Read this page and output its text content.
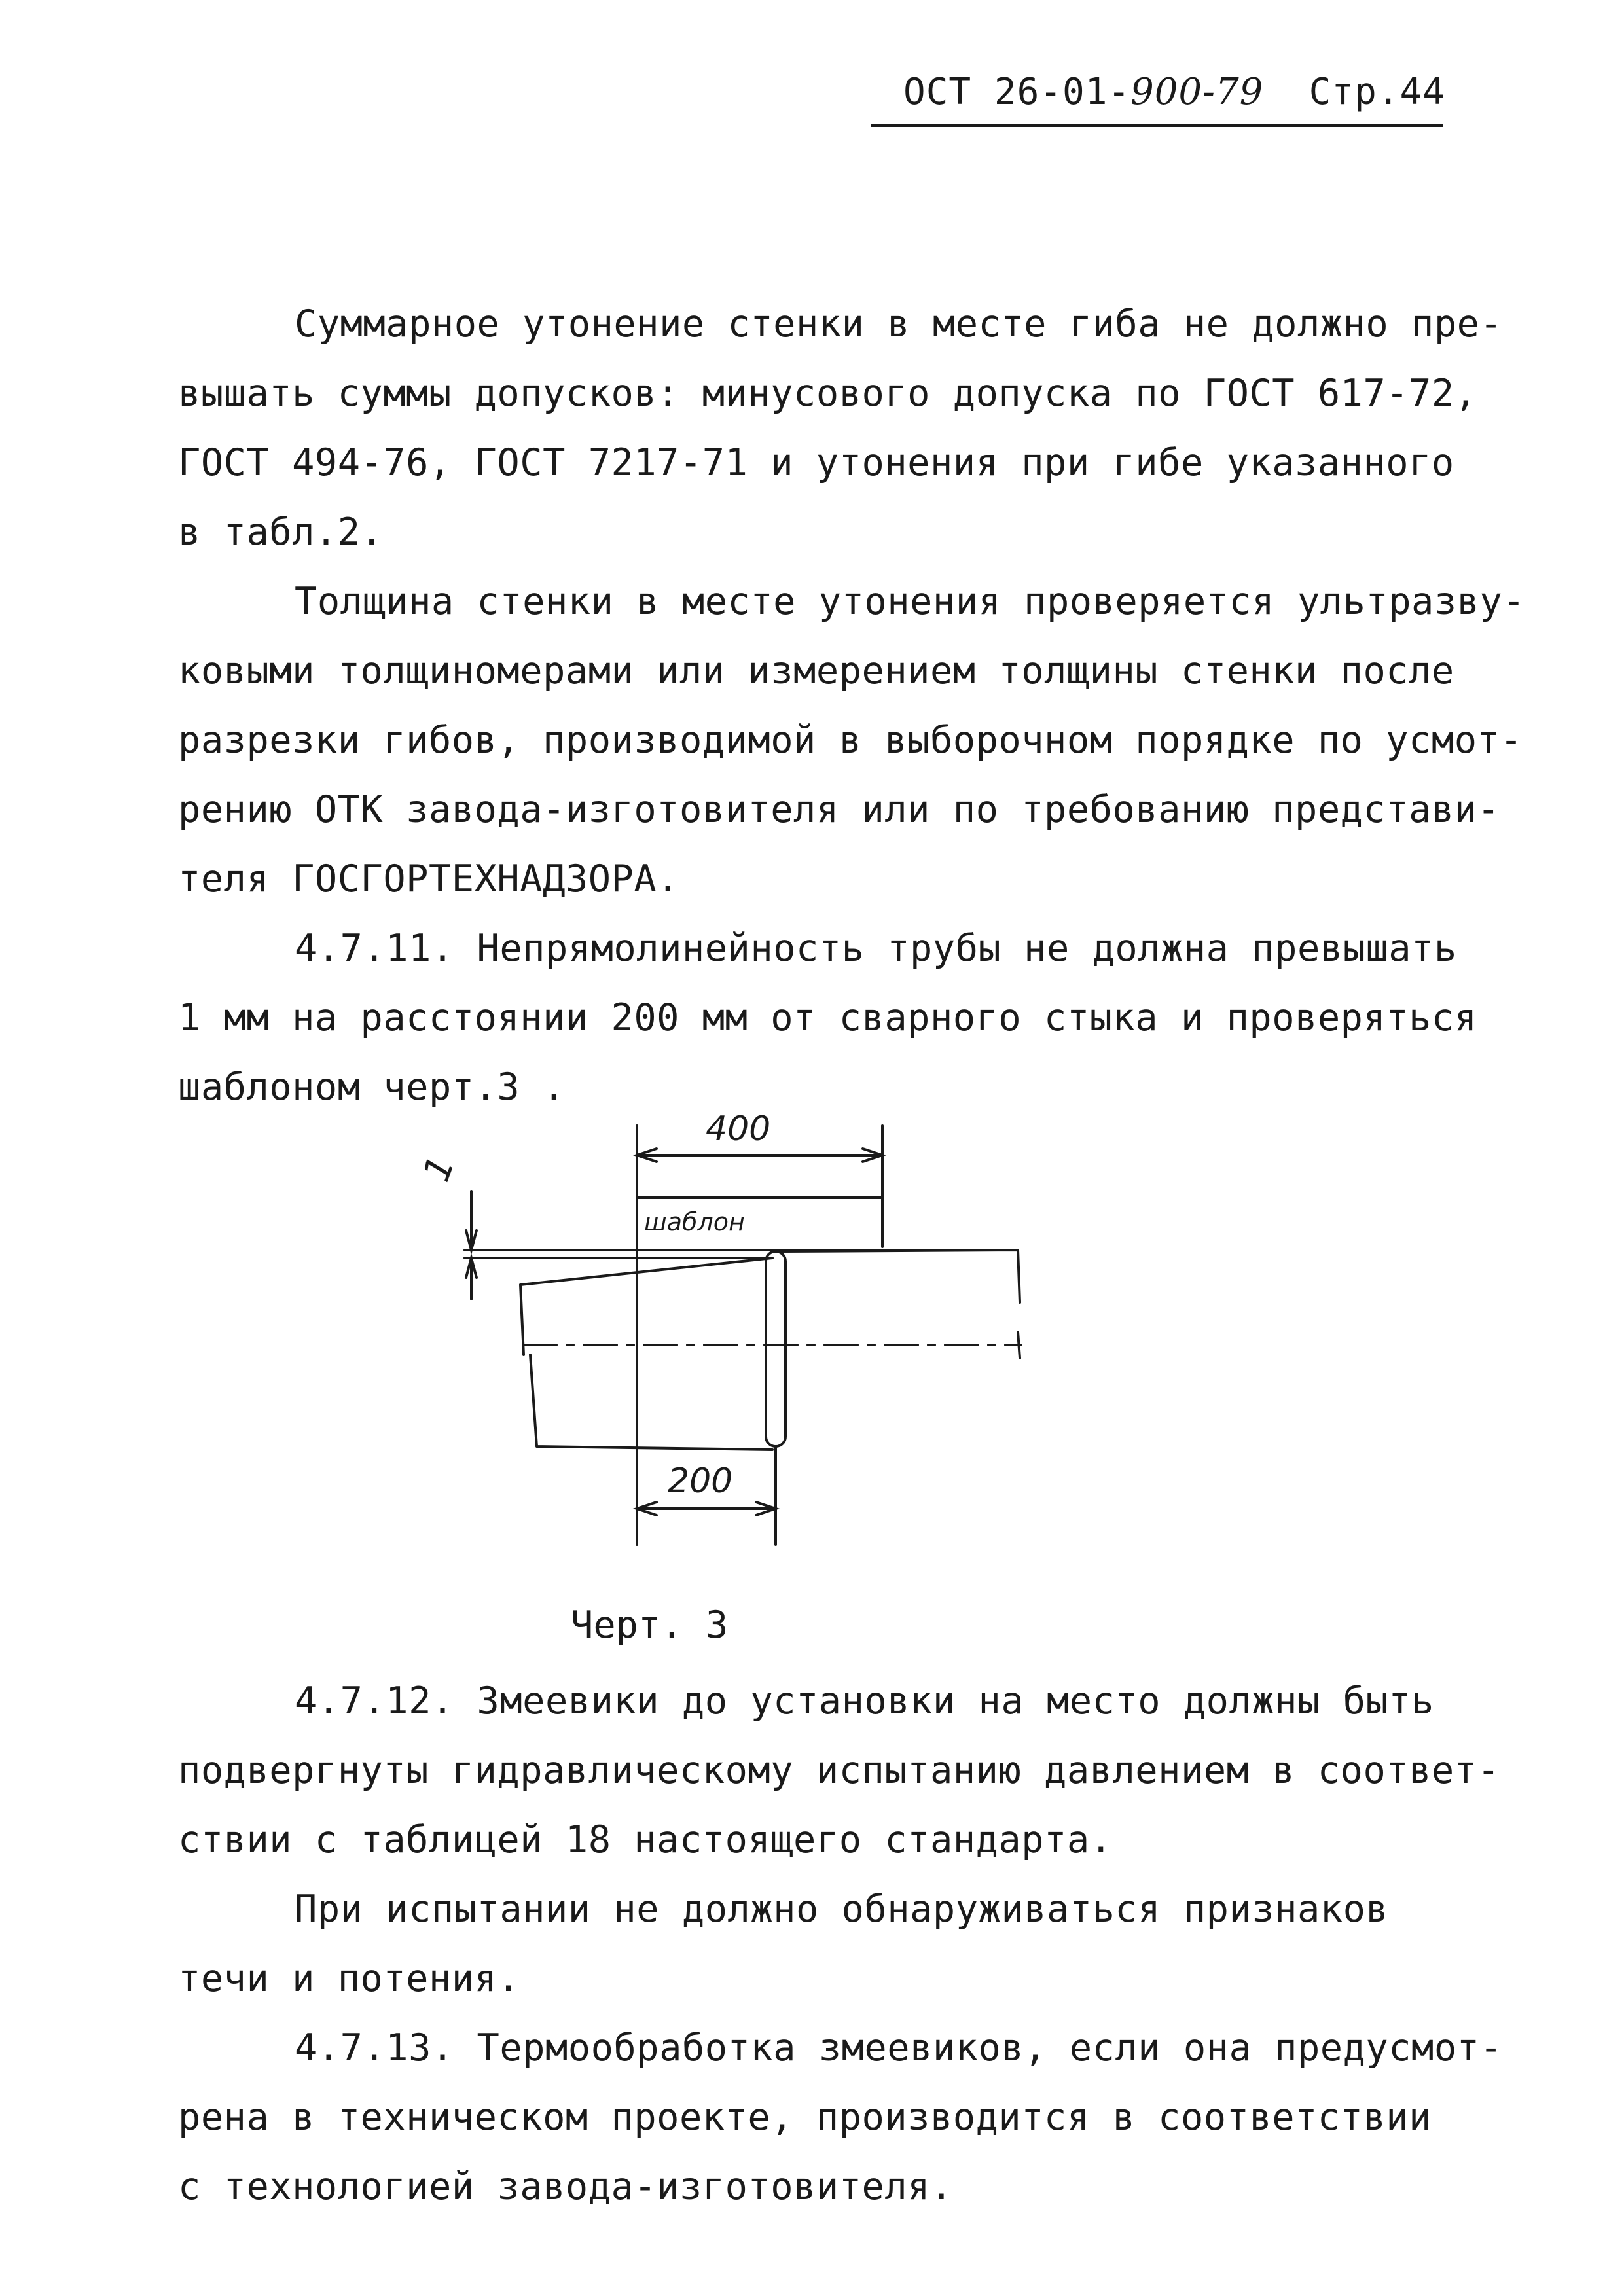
ОСТ 26-01-900-79 Стр.44
Суммарное утонение стенки в месте гиба не должно пре-
вышать суммы допусков: минусового допуска по ГОСТ 617-72,
ГОСТ 494-76, ГОСТ 7217-71 и утонения при гибе указанного
в табл.2.
Толщина стенки в месте утонения проверяется ультразву-
ковыми толщиномерами или измерением толщины стенки после
разрезки гибов, производимой в выборочном порядке по усмот-
рению ОТК завода-изготовителя или по требованию представи-
теля ГОСГОРТЕХНАДЗОРА.
4.7.11. Непрямолинейность трубы не должна превышать
1 мм на расстоянии 200 мм от сварного стыка и проверяться
шаблоном черт.3 .
400
шаблон
200
1
Черт. 3
4.7.12. Змеевики до установки на место должны быть
подвергнуты гидравлическому испытанию давлением в соответ-
ствии с таблицей 18 настоящего стандарта.
При испытании не должно обнаруживаться признаков
течи и потения.
4.7.13. Термообработка змеевиков, если она предусмот-
рена в техническом проекте, производится в соответствии
с технологией завода-изготовителя.
